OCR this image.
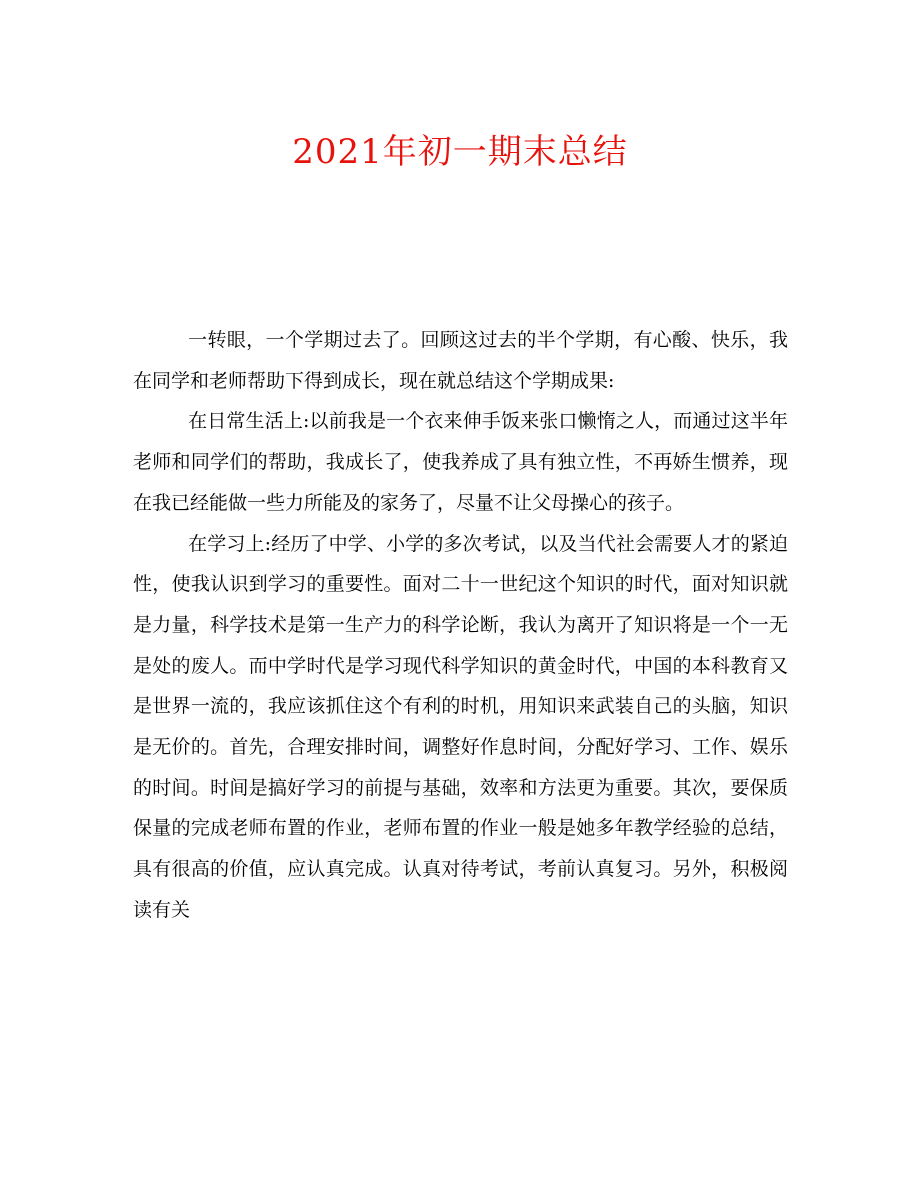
2021年初一期末总结

一转眼，一个学期过去了。回顾这过去的半个学期，有心酸、快乐，我在同学和老师帮助下得到成长，现在就总结这个学期成果:

在日常生活上:以前我是一个衣来伸手饭来张口懒惰之人，而通过这半年老师和同学们的帮助，我成长了，使我养成了具有独立性，不再娇生惯养，现在我已经能做一些力所能及的家务了，尽量不让父母操心的孩子。

在学习上:经历了中学、小学的多次考试，以及当代社会需要人才的紧迫性，使我认识到学习的重要性。面对二十一世纪这个知识的时代，面对知识就是力量，科学技术是第一生产力的科学论断，我认为离开了知识将是一个一无是处的废人。而中学时代是学习现代科学知识的黄金时代，中国的本科教育又是世界一流的，我应该抓住这个有利的时机，用知识来武装自己的头脑，知识是无价的。首先，合理安排时间，调整好作息时间，分配好学习、工作、娱乐的时间。时间是搞好学习的前提与基础，效率和方法更为重要。其次，要保质保量的完成老师布置的作业，老师布置的作业一般是她多年教学经验的总结，具有很高的价值，应认真完成。认真对待考试，考前认真复习。另外，积极阅读有关
